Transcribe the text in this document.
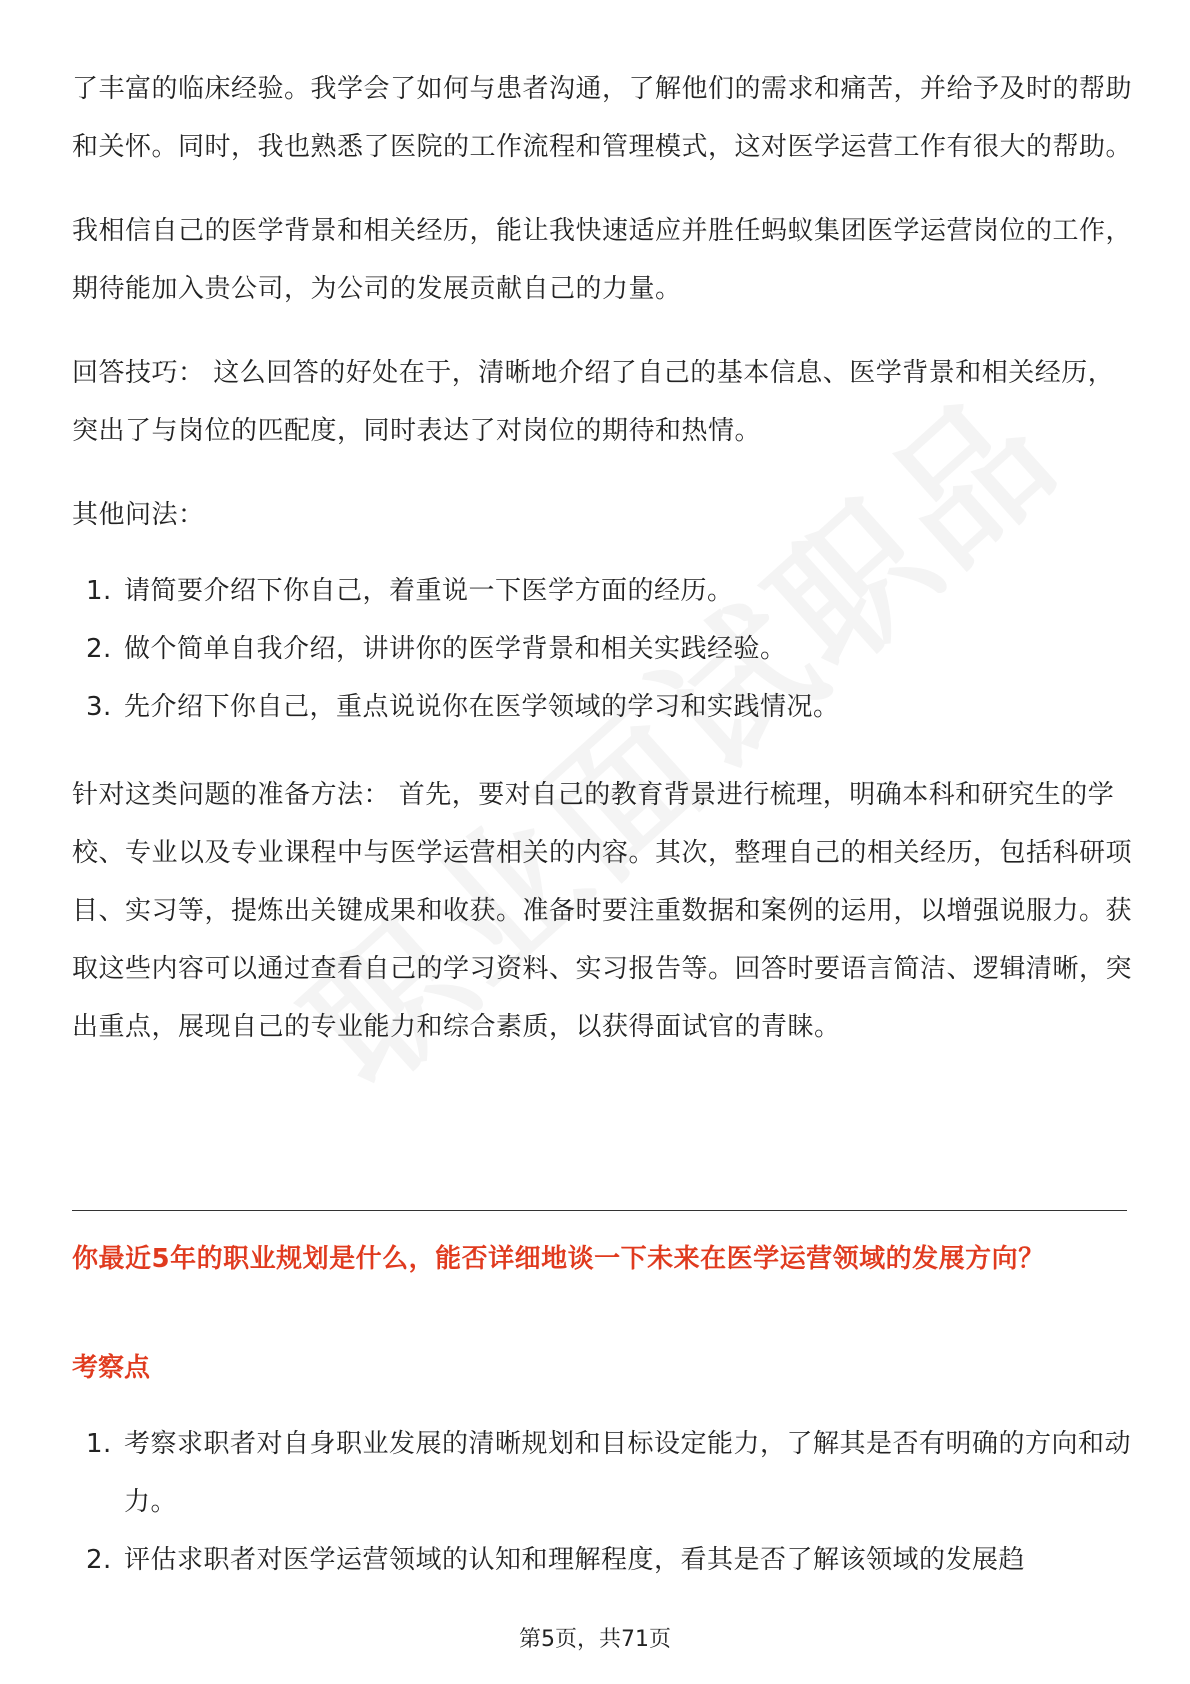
了丰富的临床经验。我学会了如何与患者沟通，了解他们的需求和痛苦，并给予及时的帮助和关怀。同时，我也熟悉了医院的工作流程和管理模式，这对医学运营工作有很大的帮助。

我相信自己的医学背景和相关经历，能让我快速适应并胜任蚂蚁集团医学运营岗位的工作，期待能加入贵公司，为公司的发展贡献自己的力量。

回答技巧： 这么回答的好处在于，清晰地介绍了自己的基本信息、医学背景和相关经历，突出了与岗位的匹配度，同时表达了对岗位的期待和热情。

其他问法：

1. 请简要介绍下你自己，着重说一下医学方面的经历。
2. 做个简单自我介绍，讲讲你的医学背景和相关实践经验。
3. 先介绍下你自己，重点说说你在医学领域的学习和实践情况。

针对这类问题的准备方法： 首先，要对自己的教育背景进行梳理，明确本科和研究生的学校、专业以及专业课程中与医学运营相关的内容。其次，整理自己的相关经历，包括科研项目、实习等，提炼出关键成果和收获。准备时要注重数据和案例的运用，以增强说服力。获取这些内容可以通过查看自己的学习资料、实习报告等。回答时要语言简洁、逻辑清晰，突出重点，展现自己的专业能力和综合素质，以获得面试官的青睐。

你最近5年的职业规划是什么，能否详细地谈一下未来在医学运营领域的发展方向？
考察点
1. 考察求职者对自身职业发展的清晰规划和目标设定能力，了解其是否有明确的方向和动力。
2. 评估求职者对医学运营领域的认知和理解程度，看其是否了解该领域的发展趋
第5页，共71页
